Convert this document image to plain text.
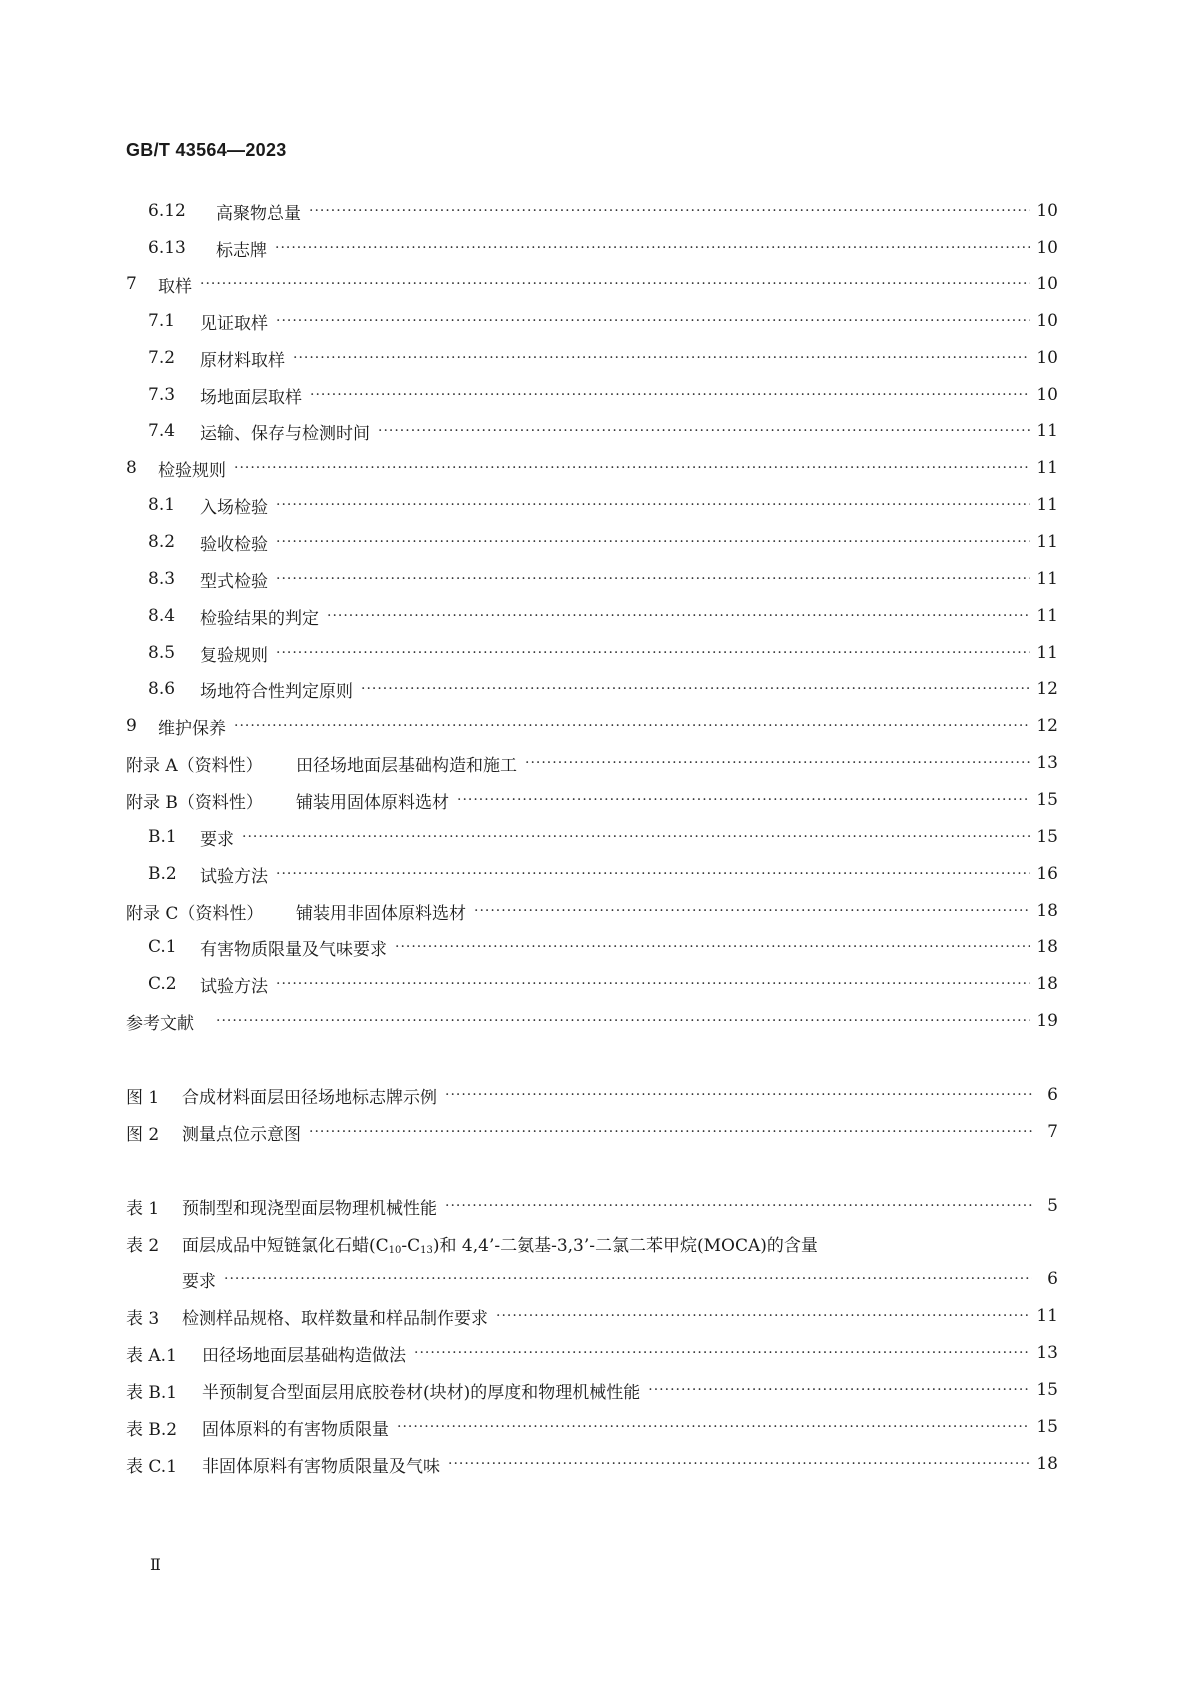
GB/T 43564—2023
6.12	高聚物总量 ·····	10
6.13	标志牌 ·····	10
7	取样 ·····	10
7.1	见证取样 ·····	10
7.2	原材料取样 ·····	10
7.3	场地面层取样 ·····	10
7.4	运输、保存与检测时间 ·····	11
8	检验规则 ·····	11
8.1	入场检验 ·····	11
8.2	验收检验 ·····	11
8.3	型式检验 ·····	11
8.4	检验结果的判定 ·····	11
8.5	复验规则 ·····	11
8.6	场地符合性判定原则 ·····	12
9	维护保养 ·····	12
附录 A（资料性）	田径场地面层基础构造和施工 ·····	13
附录 B（资料性）	铺装用固体原料选材 ·····	15
B.1	要求 ·····	15
B.2	试验方法 ·····	16
附录 C（资料性）	铺装用非固体原料选材 ·····	18
C.1	有害物质限量及气味要求 ·····	18
C.2	试验方法 ·····	18
参考文献 ·····	19
图 1	合成材料面层田径场地标志牌示例 ·····	6
图 2	测量点位示意图 ·····	7
表 1	预制型和现浇型面层物理机械性能 ·····	5
表 2	面层成品中短链氯化石蜡$(C_{10}-C_{13})$和 4,4’-二氨基-3,3’-二氯二苯甲烷(MOCA)的含量
要求 ·····	6
表 3	检测样品规格、取样数量和样品制作要求 ·····	11
表 A.1	田径场地面层基础构造做法 ·····	13
表 B.1	半预制复合型面层用底胶卷材(块材)的厚度和物理机械性能 ·····	15
表 B.2	固体原料的有害物质限量 ·····	15
表 C.1	非固体原料有害物质限量及气味 ·····	18
Ⅱ
